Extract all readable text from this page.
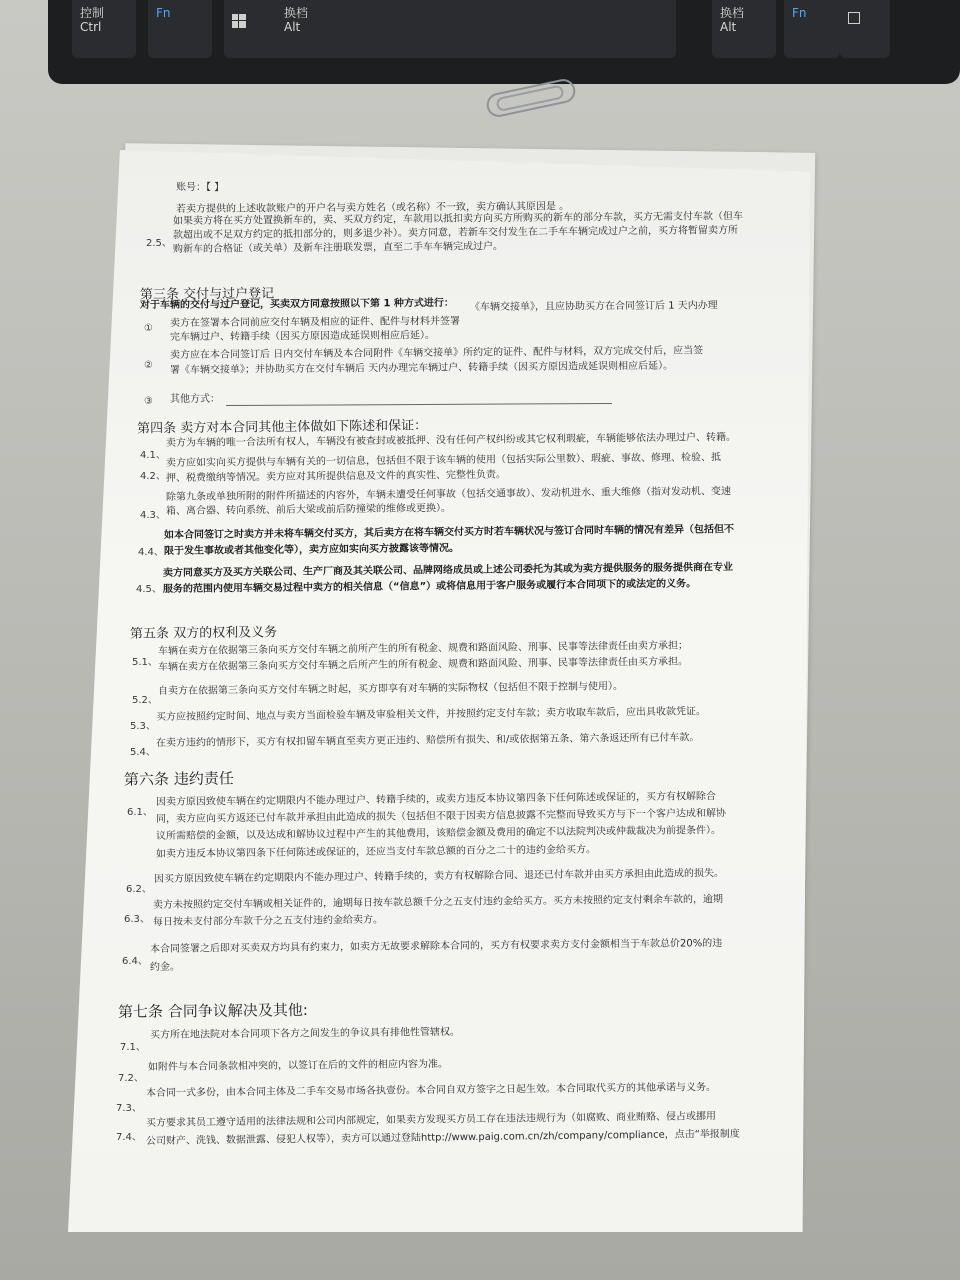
控制
Ctrl
Fn	换档
Alt
换档
Alt
Fn
账号：【 】
若卖方提供的上述收款账户的开户名与卖方姓名（或名称）不一致，卖方确认其原因是 。
2.5、
如果卖方将在买方处置换新车的，卖、买双方约定，车款用以抵扣卖方向买方所购买的新车的部分车款，买方无需支付车款（但车
款超出或不足双方约定的抵扣部分的，则多退少补）。卖方同意，若新车交付发生在二手车车辆完成过户之前，买方将暂留卖方所
购新车的合格证（或关单）及新车注册联发票，直至二手车车辆完成过户。
第三条 交付与过户登记
对于车辆的交付与过户登记，买卖双方同意按照以下第 1 种方式进行： 《车辆交接单》，且应协助买方在合同签订后 1 天内办理
① 卖方在签署本合同前应交付车辆及相应的证件、配件与材料并签署
完车辆过户、转籍手续（因买方原因造成延误则相应后延）。
②
卖方应在本合同签订后 日内交付车辆及本合同附件《车辆交接单》所约定的证件、配件与材料，双方完成交付后，应当签
署《车辆交接单》；并协助买方在交付车辆后 天内办理完车辆过户、转籍手续（因买方原因造成延误则相应后延）。
③ 其他方式：
第四条 卖方对本合同其他主体做如下陈述和保证：
4.1、
卖方为车辆的唯一合法所有权人，车辆没有被查封或被抵押、没有任何产权纠纷或其它权利瑕疵，车辆能够依法办理过户、转籍。
4.2、
卖方应如实向买方提供与车辆有关的一切信息，包括但不限于该车辆的使用（包括实际公里数）、瑕疵、事故、修理、检验、抵
押、税费缴纳等情况。卖方应对其所提供信息及文件的真实性、完整性负责。
4.3、
除第九条或单独所附的附件所描述的内容外，车辆未遭受任何事故（包括交通事故）、发动机进水、重大维修（指对发动机、变速
箱、离合器、转向系统、前后大梁或前后防撞梁的维修或更换）。
4.4、
如本合同签订之时卖方并未将车辆交付买方，其后卖方在将车辆交付买方时若车辆状况与签订合同时车辆的情况有差异（包括但不
限于发生事故或者其他变化等），卖方应如实向买方披露该等情况。
4.5、
卖方同意买方及买方关联公司、生产厂商及其关联公司、品牌网络成员或上述公司委托为其或为卖方提供服务的服务提供商在专业
服务的范围内使用车辆交易过程中卖方的相关信息（“信息”）或将信息用于客户服务或履行本合同项下的或法定的义务。
第五条 双方的权利及义务
5.1、
车辆在卖方在依据第三条向买方交付车辆之前所产生的所有税金、规费和路面风险、刑事、民事等法律责任由卖方承担；
车辆在卖方在依据第三条向买方交付车辆之后所产生的所有税金、规费和路面风险、刑事、民事等法律责任由买方承担。
5.2、
自卖方在依据第三条向买方交付车辆之时起，买方即享有对车辆的实际物权（包括但不限于控制与使用）。
5.3、
买方应按照约定时间、地点与卖方当面检验车辆及审验相关文件，并按照约定支付车款；卖方收取车款后，应出具收款凭证。
5.4、
在卖方违约的情形下，买方有权扣留车辆直至卖方更正违约、赔偿所有损失、和/或依据第五条、第六条返还所有已付车款。
第六条 违约责任
6.1、
因卖方原因致使车辆在约定期限内不能办理过户、转籍手续的，或卖方违反本协议第四条下任何陈述或保证的，买方有权解除合
同，卖方应向买方返还已付车款并承担由此造成的损失（包括但不限于因卖方信息披露不完整而导致买方与下一个客户达成和解协
议所需赔偿的金额，以及达成和解协议过程中产生的其他费用，该赔偿金额及费用的确定不以法院判决或仲裁裁决为前提条件）。
如卖方违反本协议第四条下任何陈述或保证的，还应当支付车款总额的百分之二十的违约金给买方。
6.2、
因买方原因致使车辆在约定期限内不能办理过户、转籍手续的，卖方有权解除合同、退还已付车款并由买方承担由此造成的损失。
6.3、
卖方未按照约定交付车辆或相关证件的，逾期每日按车款总额千分之五支付违约金给买方。买方未按照约定支付剩余车款的，逾期
每日按未支付部分车款千分之五支付违约金给卖方。
6.4、
本合同签署之后即对买卖双方均具有约束力，如卖方无故要求解除本合同的，买方有权要求卖方支付金额相当于车款总价20%的违
约金。
第七条 合同争议解决及其他:
7.1、
买方所在地法院对本合同项下各方之间发生的争议具有排他性管辖权。
7.2、
如附件与本合同条款相冲突的，以签订在后的文件的相应内容为准。
7.3、
本合同一式多份，由本合同主体及二手车交易市场各执壹份。本合同自双方签字之日起生效。本合同取代买方的其他承诺与义务。
7.4、
买方要求其员工遵守适用的法律法规和公司内部规定，如果卖方发现买方员工存在违法违规行为（如腐败、商业贿赂、侵占或挪用
公司财产、洗钱、数据泄露、侵犯人权等），卖方可以通过登陆http://www.paig.com.cn/zh/company/compliance，点击“举报制度
